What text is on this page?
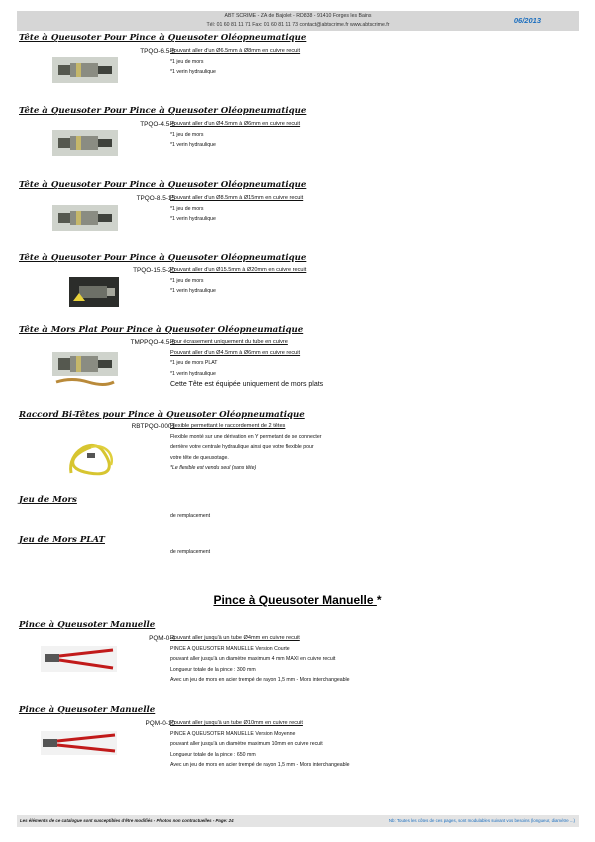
ABT SCRIME - ZA de Bajolet - RD838 - 91410 Forges les Bains
Tél: 01 60 81 11 71 Fax: 01 60 81 11 73 contact@abtscrime.fr www.abtscrime.fr	06/2013
Tête à Queusoter Pour Pince à Queusoter Oléopneumatique
TPQO-6.5-8
Pouvant aller d'un Ø6.5mm à Ø8mm en cuivre recuit
*1 jeu de mors
*1 verin hydraulique
Tête à Queusoter Pour Pince à Queusoter Oléopneumatique
TPQO-4.5-6
Pouvant aller d'un Ø4.5mm à Ø6mm en cuivre recuit
*1 jeu de mors
*1 verin hydraulique
Tête à Queusoter Pour Pince à Queusoter Oléopneumatique
TPQO-8.5-15
Pouvant aller d'un Ø8.5mm à Ø15mm en cuivre recuit
*1 jeu de mors
*1 verin hydraulique
Tête à Queusoter Pour Pince à Queusoter Oléopneumatique
TPQO-15.5-20
Pouvant aller d'un Ø15.5mm à Ø20mm en cuivre recuit
*1 jeu de mors
*1 verin hydraulique
Tête à Mors Plat Pour Pince à Queusoter Oléopneumatique
TMPPQO-4.5-6
Pour écrasement uniquement du tube en cuivre
Pouvant aller d'un Ø4.5mm à Ø6mm en cuivre recuit
*1 jeu de mors PLAT
*1 verin hydraulique
Cette Tête est équipée uniquement de mors plats
Raccord Bi-Têtes pour Pince à Queusoter Oléopneumatique
RBTPQO-0001
Flexible permettant le raccordement de 2 têtes
Flexible monté sur une dérivation en Y permetant de se connecter
derrière votre centrale hydraulique ainsi que votre flexible pour
votre tête de queusotage.
*Le flexible est vendu seul (sans tête)
Jeu de Mors
de remplacement
Jeu de Mors PLAT
de remplacement
Pince à Queusoter Manuelle *
Pince à Queusoter Manuelle
PQM-0-4
Pouvant aller jusqu'à un tube Ø4mm en cuivre recuit
PINCE A QUEUSOTER MANUELLE Version Courte
pouvant aller jusqu'à un diamètre maximum 4 mm MAXI en cuivre recuit
Longueur totale de la pince : 300 mm
Avec un jeu de mors en acier trempé de rayon 1,5 mm - Mors interchangeable
Pince à Queusoter Manuelle
PQM-0-10
Pouvant aller jusqu'à un tube Ø10mm en cuivre recuit
PINCE A QUEUSOTER MANUELLE Version Moyenne
pouvant aller jusqu'à un diamètre maximum 10mm en cuivre recuit
Longueur totale de la pince : 650 mm
Avec un jeu de mors en acier trempé de rayon 1,5 mm - Mors interchangeable
Les éléments de ce catalogue sont susceptibles d'être modifiés - Photos non contractuelles - Page: 24	Nb: Toutes les côtes de ces pages, sont modulables suivant vos besoins (longueur, diamètre ...)
